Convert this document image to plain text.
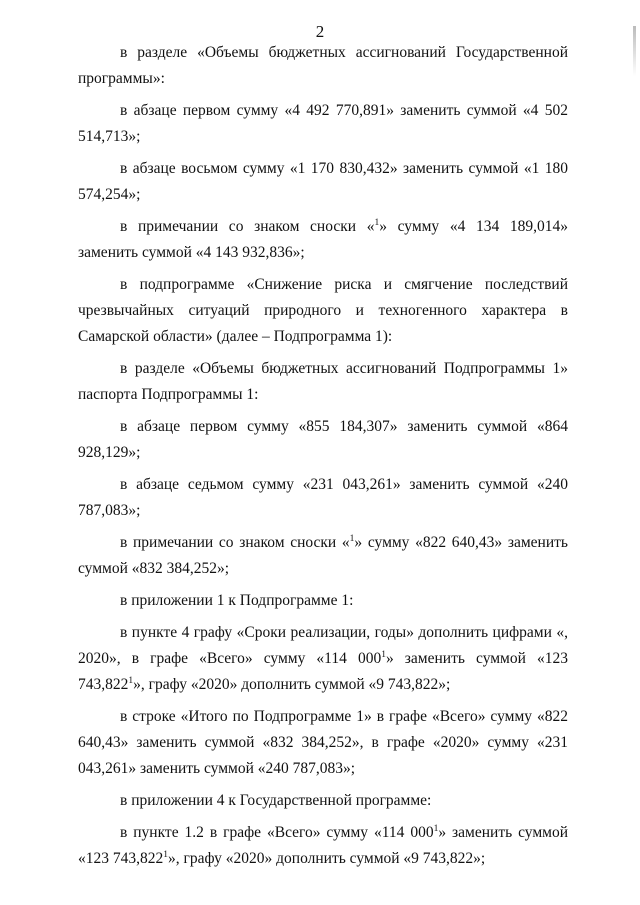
2

в разделе «Объемы бюджетных ассигнований Государственной программы»:

в абзаце первом сумму «4 492 770,891» заменить суммой «4 502 514,713»;

в абзаце восьмом сумму «1 170 830,432» заменить суммой «1 180 574,254»;

в примечании со знаком сноски «$^1$» сумму «4 134 189,014» заменить суммой «4 143 932,836»;

в подпрограмме «Снижение риска и смягчение последствий чрезвычайных ситуаций природного и техногенного характера в Самарской области» (далее – Подпрограмма 1):

в разделе «Объемы бюджетных ассигнований Подпрограммы 1» паспорта Подпрограммы 1:

в абзаце первом сумму «855 184,307» заменить суммой «864 928,129»;

в абзаце седьмом сумму «231 043,261» заменить суммой «240 787,083»;

в примечании со знаком сноски «$^1$» сумму «822 640,43» заменить суммой «832 384,252»;

в приложении 1 к Подпрограмме 1:

в пункте 4 графу «Сроки реализации, годы» дополнить цифрами «, 2020», в графе «Всего» сумму «114 $000^1$» заменить суммой «123 743,822$^1$», графу «2020» дополнить суммой «9 743,822»;

в строке «Итого по Подпрограмме 1» в графе «Всего» сумму «822 640,43» заменить суммой «832 384,252», в графе «2020» сумму «231 043,261» заменить суммой «240 787,083»;

в приложении 4 к Государственной программе:

в пункте 1.2 в графе «Всего» сумму «114 $000^1$» заменить суммой «123 743,822$^1$», графу «2020» дополнить суммой «9 743,822»;
